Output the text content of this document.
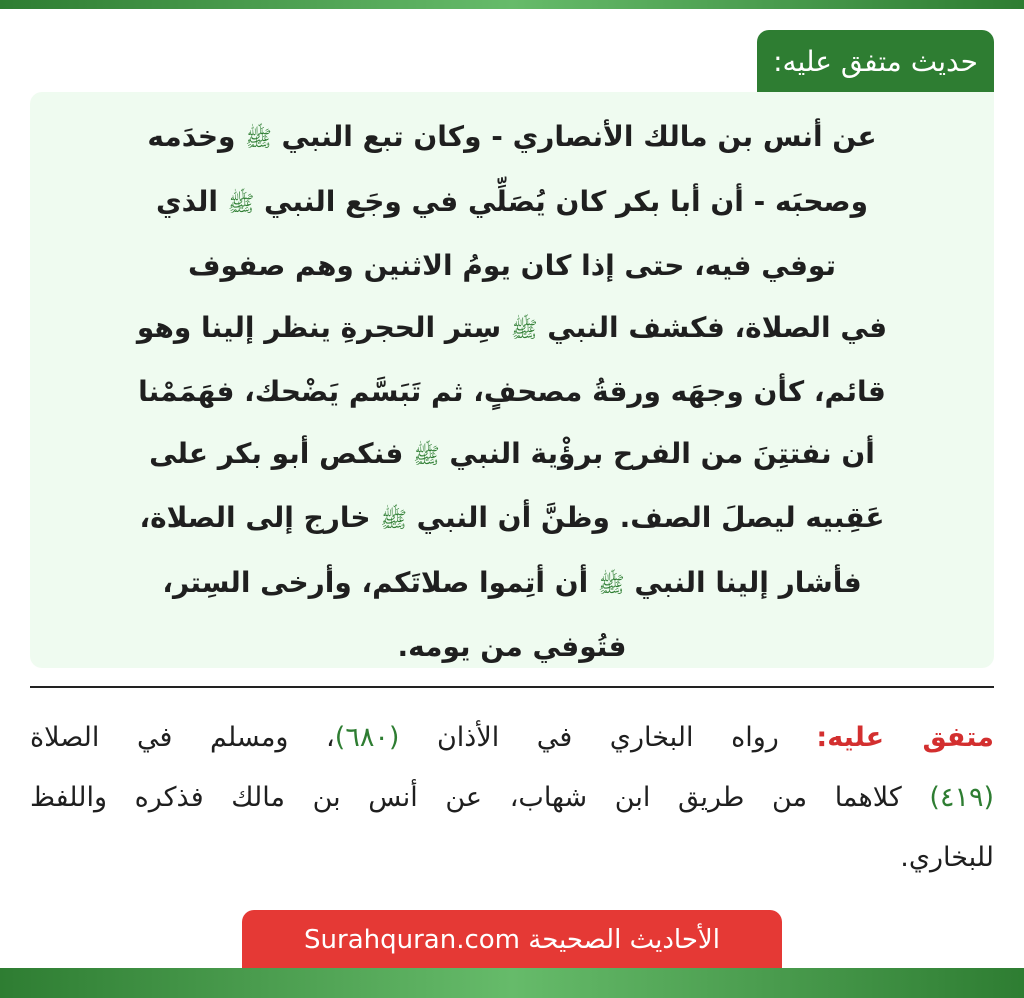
حديث متفق عليه:
عن أنس بن مالك الأنصاري - وكان تبع النبي ﷺ وخدَمه
وصحبَه - أن أبا بكر كان يُصَلِّي في وجَع النبي ﷺ الذي
توفي فيه، حتى إذا كان يومُ الاثنين وهم صفوف
في الصلاة، فكشف النبي ﷺ سِتر الحجرةِ ينظر إلينا وهو
قائم، كأن وجهَه ورقةُ مصحفٍ، ثم تَبَسَّم يَضْحك، فهَمَمْنا
أن نفتتِنَ من الفرح برؤْية النبي ﷺ فنكص أبو بكر على
عَقِبيه ليصلَ الصف. وظنَّ أن النبي ﷺ خارج إلى الصلاة،
فأشار إلينا النبي ﷺ أن أتِموا صلاتَكم، وأرخى السِتر،
فتُوفي من يومه.
متفق عليه: رواه البخاري في الأذان (٦٨٠)، ومسلم في الصلاة
(٤١٩) كلاهما من طريق ابن شهاب، عن أنس بن مالك فذكره واللفظ
للبخاري.
الأحاديث الصحيحة Surahquran.com
